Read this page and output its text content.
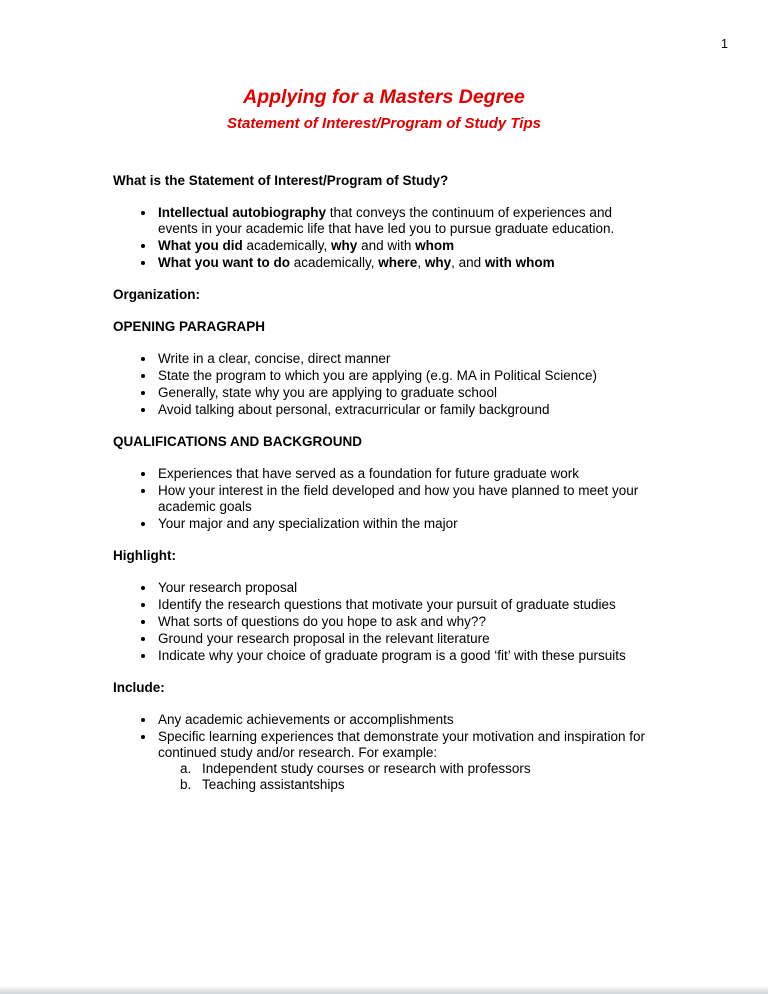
1
Applying for a Masters Degree
Statement of Interest/Program of Study Tips

What is the Statement of Interest/Program of Study?

• Intellectual autobiography that conveys the continuum of experiences and events in your academic life that have led you to pursue graduate education.
• What you did academically, why and with whom
• What you want to do academically, where, why, and with whom

Organization:

OPENING PARAGRAPH

• Write in a clear, concise, direct manner
• State the program to which you are applying (e.g. MA in Political Science)
• Generally, state why you are applying to graduate school
• Avoid talking about personal, extracurricular or family background

QUALIFICATIONS AND BACKGROUND

• Experiences that have served as a foundation for future graduate work
• How your interest in the field developed and how you have planned to meet your academic goals
• Your major and any specialization within the major

Highlight:

• Your research proposal
• Identify the research questions that motivate your pursuit of graduate studies
• What sorts of questions do you hope to ask and why??
• Ground your research proposal in the relevant literature
• Indicate why your choice of graduate program is a good ‘fit’ with these pursuits

Include:

• Any academic achievements or accomplishments
• Specific learning experiences that demonstrate your motivation and inspiration for continued study and/or research. For example:
a. Independent study courses or research with professors
b. Teaching assistantships
